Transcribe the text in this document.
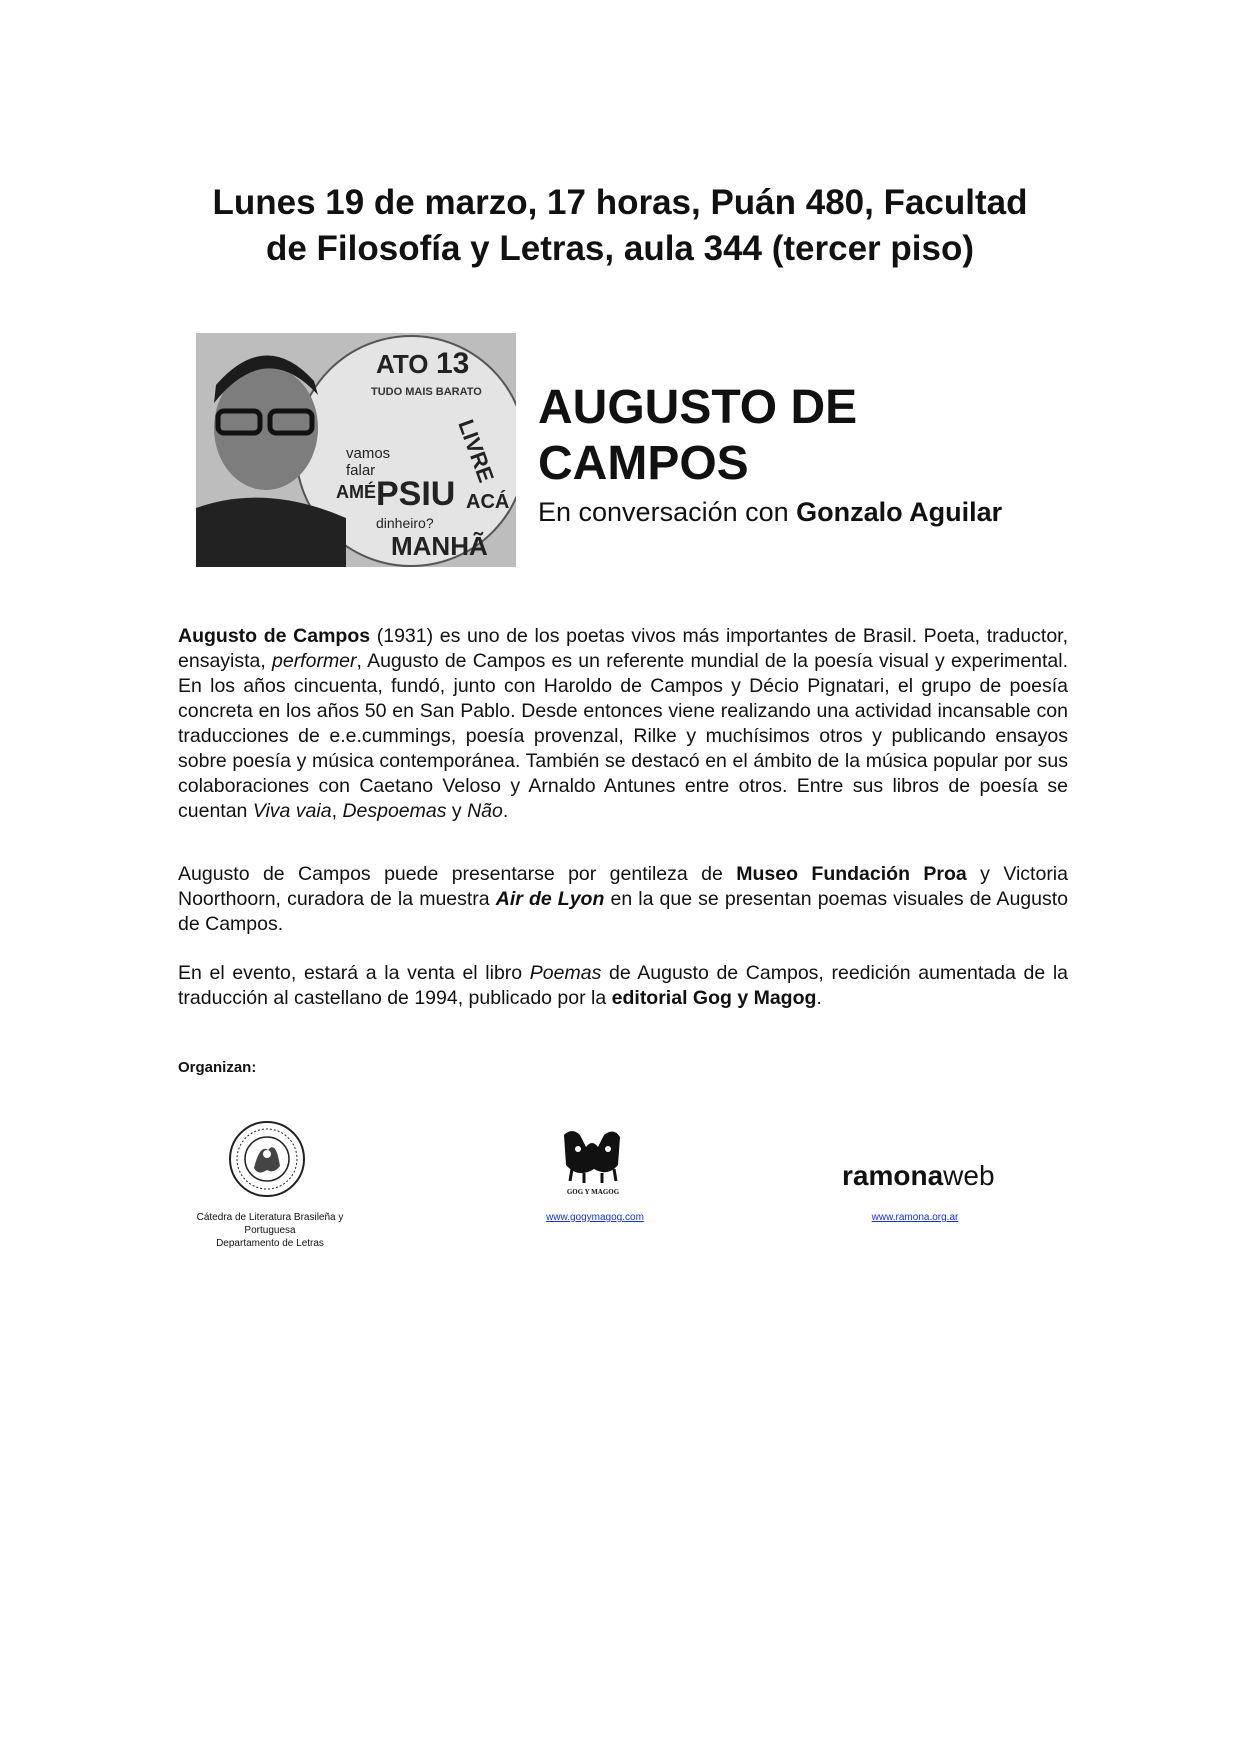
Lunes 19 de marzo, 17 horas, Puán 480, Facultad
de Filosofía y Letras, aula 344 (tercer piso)
ATO 13
TUDO MAIS BARATO
LIVRE
vamos
falar
PSIU
dinheiro?
MANHÃ
ACÁ
AMÉ
AUGUSTO DE
CAMPOS
En conversación con Gonzalo Aguilar
Augusto de Campos (1931) es uno de los poetas vivos más importantes de Brasil. Poeta, traductor, ensayista, performer, Augusto de Campos es un referente mundial de la poesía visual y experimental. En los años cincuenta, fundó, junto con Haroldo de Campos y Décio Pignatari, el grupo de poesía concreta en los años 50 en San Pablo. Desde entonces viene realizando una actividad incansable con traducciones de e.e.cummings, poesía provenzal, Rilke y muchísimos otros y publicando ensayos sobre poesía y música contemporánea. También se destacó en el ámbito de la música popular por sus colaboraciones con Caetano Veloso y Arnaldo Antunes entre otros. Entre sus libros de poesía se cuentan Viva vaia, Despoemas y Não.
Augusto de Campos puede presentarse por gentileza de Museo Fundación Proa y Victoria Noorthoorn, curadora de la muestra Air de Lyon en la que se presentan poemas visuales de Augusto de Campos.
En el evento, estará a la venta el libro Poemas de Augusto de Campos, reedición aumentada de la traducción al castellano de 1994, publicado por la editorial Gog y Magog.
Organizan:
GOG Y MAGOG
ramonaweb
Cátedra de Literatura Brasileña y Portuguesa
Departamento de Letras
www.gogymagog.com	www.ramona.org.ar
